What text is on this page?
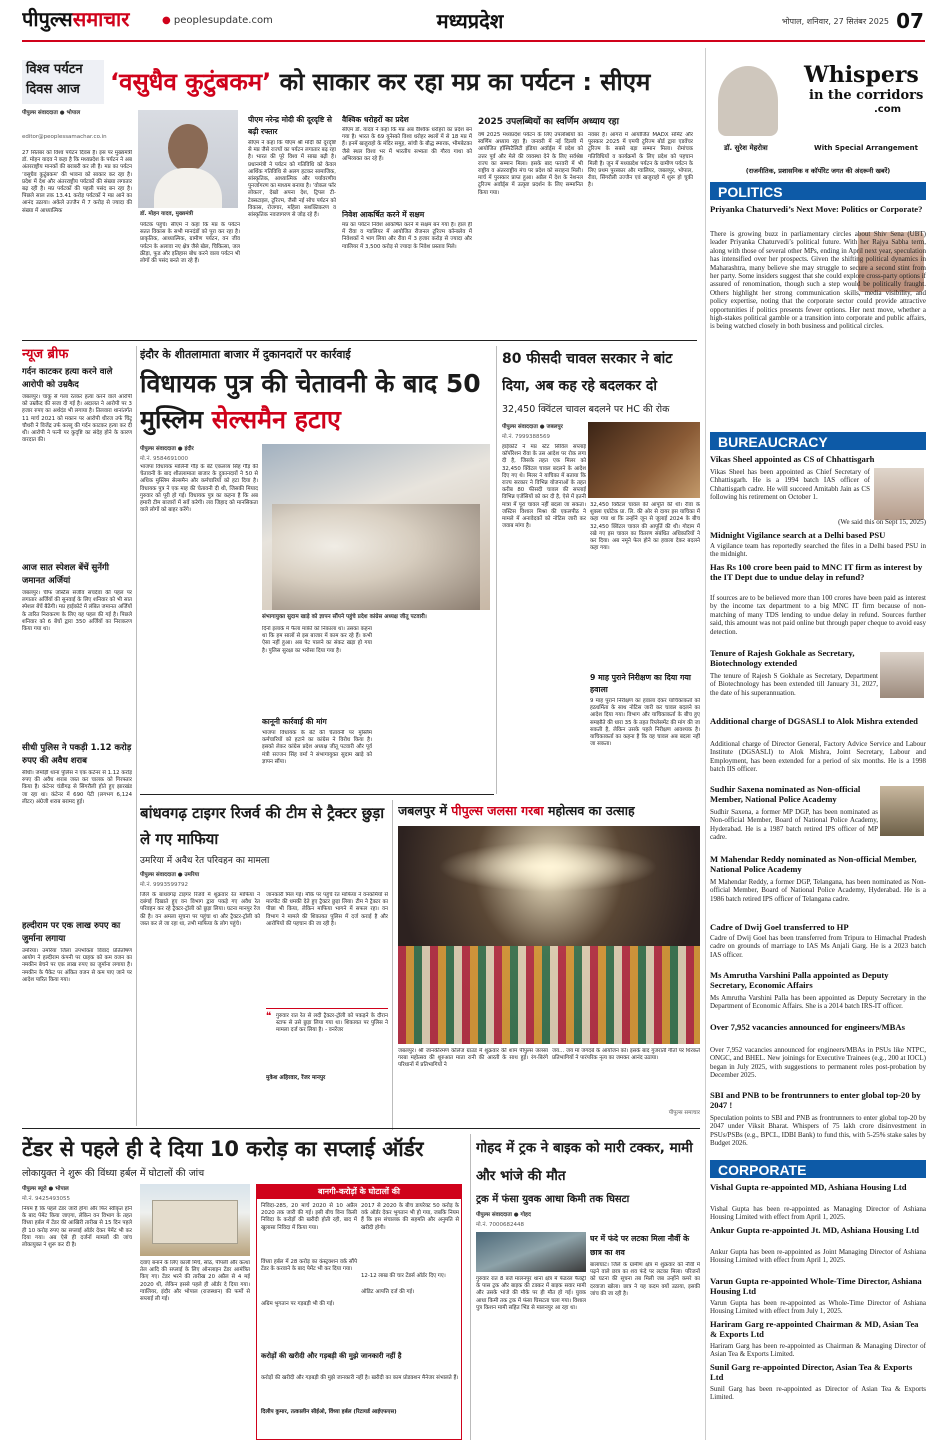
पीपुल्ससमाचार	● peoplesupdate.com	मध्यप्रदेश	भोपाल, शनिवार, 27 सितंबर 2025 07
विश्व पर्यटन
दिवस आज	‘वसुधैव कुटुंबकम’ को साकार कर रहा मप्र का पर्यटन : सीएम
पीपुल्स संवाददाता ● भोपाल
editor@peoplessamachar.co.in
डॉ. मोहन यादव, मुख्यमंत्री
27 सितंबर को विश्व पर्यटन दिवस है। इस पर मुख्यमंत्री डॉ. मोहन यादव ने कहा है कि मध्यप्रदेश के पर्यटन ने अब अंतरराष्ट्रीय मानकों की बराबरी कर ली है। मप्र का पर्यटन ‘वसुधैव कुटुंबकम’ की भावना को साकार कर रहा है। प्रदेश में देश और अंतरराष्ट्रीय पर्यटकों की संख्या लगातार बढ़ रही है। मप्र पर्यटकों की पहली पसंद बन रहा है। पिछले साल तक 13.41 करोड़ पर्यटकों ने मप्र आने का आनंद उठाया। अकेले उज्जैन में 7 करोड़ से ज्यादा की संख्या में आध्यात्मिक
पर्यटक पहुंचे। सीएम ने कहा कि मप्र के पर्यटन सतत विकास के सभी मानदंडों को पूरा कर रहा है। प्राकृतिक, आध्यात्मिक, ग्रामीण पर्यटन, वन जीव पर्यटन के अलावा नए क्षेत्र जैसे खेल, चिकित्सा, जल क्रीड़ा, फूड और इतिहास बोध करने वाला पर्यटन भी लोगों की पसंद बनते जा रहे हैं।
पीएम नरेन्द्र मोदी की दूरदृष्टि से बढ़ी रफ्तार
सीएम ने कहा कि पीएम श्री मोदी की दूरदृष्टि से मप्र जैसे राज्यों का पर्यटन लगातार बढ़ रहा है। भारत की पूरे विश्व में साख बढ़ी है। प्रधानमंत्री ने पर्यटन को गतिविधि को केवल आर्थिक गतिविधि से अलग हटकर सामाजिक, सांस्कृतिक, आध्यात्मिक और पर्यावरणीय पुनर्जागरण का माध्यम बनाया है। ‘वोकल फॉर लोकल’, देखो अपना देश, ट्रिपल टी-टेक्सटाइल, टूरिज्म, जैसी नई सोच पर्यटन को विकास, रोजगार, महिला सशक्तिकरण व सांस्कृतिक नवजागरण से जोड़ रहे हैं।
वैश्विक धरोहरों का प्रदेश
सीएम डॉ. यादव ने कहा कि मप्र अब वैश्विक धरोहरों का प्रदेश बन गया है। भारत के 69 यूनेस्को विश्व धरोहर स्थलों में से 18 मप्र में हैं। इनमें खजुराहो के मंदिर समूह, सांची के बौद्ध स्मारक, भीमबेटका जैसे स्थल विश्व भर में भारतीय सभ्यता की गौरव गाथा को अभिव्यक्त कर रहे हैं।
निवेश आकर्षित करने में सक्षम
मप्र का पर्यटन निवेश आकर्षित करने में सक्षम बन गया है। हाल ही में रीवा व ग्वालियर में आयोजित रीजनल टूरिज्म कॉन्क्लेव में निवेशकों ने भाग लिया और रीवा में 3 हजार करोड़ से ज्यादा और ग्वालियर में 3,500 करोड़ से ज्यादा के निवेश प्रस्ताव मिले।
2025 उपलब्धियों का स्वर्णिम अध्याय रहा
वर्ष 2025 मध्यप्रदेश पर्यटन के लिए उपलब्धियों का स्वर्णिम अध्याय रहा है। जनवरी में नई दिल्ली में आयोजित हॉस्पिटैलिटी इंडिया अवॉर्ड्स में प्रदेश को उत्तर पूर्व और मेले की व्यवस्था देने के लिए सर्वश्रेष्ठ राज्य का सम्मान मिला। इसके बाद फरवरी में भी राष्ट्रीय व अंतरराष्ट्रीय मंच पर प्रदेश को सराहना मिली। मार्च में पुरस्कार प्राप्त हुआ। अप्रैल में देश के नेशनल टूरिज्म अवॉर्ड्स में उत्कृष्ट प्रदर्शन के लिए सम्मानित किया गया।
नवंबर है। आगरा में आयोजित MADX समिट और पुरस्कार 2025 में एमपी टूरिज्म बोर्ड द्वारा एडवेंचर टूरिज्म के सबसे बड़ा सम्मान मिला। रोमांचक गतिविधियों व कार्यक्रमों के लिए प्रदेश को पहचान मिली है। जून में मध्यप्रदेश पर्यटन के ग्रामीण पर्यटन के लिए प्रथम पुरस्कार और ग्वालियर, जबलपुर, भोपाल, रीवा, सिंगरौली उज्जैन एवं खजुराहो में शुरू हो चुकी है।
Whispers
in the corridors
.com
डॉ. सुरेश मेहरोत्रा	With Special Arrangement
(राजनीतिक, प्रशासनिक व कॉर्पोरेट जगत की अंदरूनी खबरें)
POLITICS
Priyanka Chaturvedi’s Next Move: Politics or Corporate?
There is growing buzz in parliamentary circles about Shiv Sena (UBT) leader Priyanka Chaturvedi’s political future. With her Rajya Sabha term, along with those of several other MPs, ending in April next year, speculation has intensified over her prospects. Given the shifting political dynamics in Maharashtra, many believe she may struggle to secure a second stint from her party. Some insiders suggest that she could explore cross-party options if assured of renomination, though such a step would be politically fraught. Others highlight her strong communication skills, media visibility, and policy expertise, noting that the corporate sector could provide attractive opportunities if politics presents fewer options. Her next move, whether a high-stakes political gamble or a transition into corporate and public affairs, is being watched closely in both business and political circles.
BUREAUCRACY
Vikas Sheel appointed as CS of Chhattisgarh
Vikas Sheel has been appointed as Chief Secretary of Chhattisgarh. He is a 1994 batch IAS officer of Chhattisgarh cadre. He will succeed Amitabh Jain as CS following his retirement on October 1.
(We said this on Sept 15, 2025)
Midnight Vigilance search at a Delhi based PSU
A vigilance team has reportedly searched the files in a Delhi based PSU in the midnight.
Has Rs 100 crore been paid to MNC IT firm as interest by the IT Dept due to undue delay in refund?
If sources are to be believed more than 100 crores have been paid as interest by the income tax department to a big MNC IT firm because of non-matching of many TDS lending to undue delay in refund. Sources further said, this amount was not paid online but through paper cheque to avoid easy detection.
Tenure of Rajesh Gokhale as Secretary, Biotechnology extended
The tenure of Rajesh S Gokhale as Secretary, Department of Biotechnology has been extended till January 31, 2027, the date of his superannuation.
Additional charge of DGSASLI to Alok Mishra extended
Additional charge of Director General, Factory Advice Service and Labour Institute (DGSASLI) to Alok Mishra, Joint Secretary, Labour and Employment, has been extended for a period of six months. He is a 1998 batch IIS officer.
Sudhir Saxena nominated as Non-official Member, National Police Academy
Sudhir Saxena, a former MP DGP, has been nominated as Non-official Member, Board of National Police Academy, Hyderabad. He is a 1987 batch retired IPS officer of MP cadre.
M Mahendar Reddy nominated as Non-official Member, National Police Academy
M Mahendar Reddy, a former DGP, Telangana, has been nominated as Non-official Member, Board of National Police Academy, Hyderabad. He is a 1986 batch retired IPS officer of Telangana cadre.
Cadre of Dwij Goel transferred to HP
Cadre of Dwij Goel has been transferred from Tripura to Himachal Pradesh cadre on grounds of marriage to IAS Ms Anjali Garg. He is a 2023 batch IAS officer.
Ms Amrutha Varshini Palla appointed as Deputy Secretary, Economic Affairs
Ms Amrutha Varshini Palla has been appointed as Deputy Secretary in the Department of Economic Affairs. She is a 2014 batch IRS-IT officer.
Over 7,952 vacancies announced for engineers/MBAs
Over 7,952 vacancies announced for engineers/MBAs in PSUs like NTPC, ONGC, and BHEL. New joinings for Executive Trainees (e.g., 200 at IOCL) began in July 2025, with suggestions to permanent roles post-probation by December 2025.
SBI and PNB to be frontrunners to enter global top-20 by 2047 !
Speculation points to SBI and PNB as frontrunners to enter global top-20 by 2047 under Viksit Bharat. Whispers of 75 lakh crore disinvestment in PSUs/PSBs (e.g., BPCL, IDBI Bank) to fund this, with 5-25% stake sales by Budget 2026.
CORPORATE
Vishal Gupta re-appointed MD, Ashiana Housing Ltd
Vishal Gupta has been re-appointed as Managing Director of Ashiana Housing Limited with effect from April 1, 2025.
Ankur Gupta re-appointed Jt. MD, Ashiana Housing Ltd
Ankur Gupta has been re-appointed as Joint Managing Director of Ashiana Housing Limited with effect from April 1, 2025.
Varun Gupta re-appointed Whole-Time Director, Ashiana Housing Ltd
Varun Gupta has been re-appointed as Whole-Time Director of Ashiana Housing Limited with effect from July 1, 2025.
Hariram Garg re-appointed Chairman & MD, Asian Tea & Exports Ltd
Hariram Garg has been re-appointed as Chairman & Managing Director of Asian Tea & Exports Limited.
Sunil Garg re-appointed Director, Asian Tea & Exports Ltd
Sunil Garg has been re-appointed as Director of Asian Tea & Exports Limited.
न्यूज ब्रीफ
गर्दन काटकर हत्या करने वाले आरोपी को उम्रकैद
जबलपुर। चाकू से गला रेतकर हत्या करने वाले आरोपी को उम्रकैद की सजा दी गई है। अदालत ने आरोपी पर 3 हजार रुपए का अर्थदंड भी लगाया है। तिलवारा थानांतर्गत 11 मार्च 2021 को मकान पर आरोपी धीरज उर्फ चिंटू चौधरी ने विजेंद्र उर्फ कल्लू की गर्दन काटकर हत्या कर दी थी। आरोपी ने पत्नी पर कुदृष्टि का संदेह होने के कारण वारदात की।
आज सात स्पेशल बेंचें सुनेंगी जमानत अर्जियां
जबलपुर। चीफ जस्टिस संजीव सचदेवा की पहल पर लगातार अर्जियों की सुनवाई के लिए शनिवार को भी सात स्पेशल बेंचें बैठेंगी। मप्र हाईकोर्ट में लंबित जमानत अर्जियों के त्वरित निराकरण के लिए यह पहल की गई है। पिछले शनिवार को 6 बेंचों द्वारा 350 अर्जियों का निराकरण किया गया था।
सीधी पुलिस ने पकड़ी 1.12 करोड़ रुपए की अवैध शराब
सीधी। जमोड़ी थाना पुलिस ने एक कंटेनर से 1.12 करोड़ रुपए की अवैध शराब जब्त कर चालक को गिरफ्तार किया है। कंटेनर चंडीगढ़ से सिंगरौली होते हुए झारखंड जा रहा था। कंटेनर में 690 पेटी (लगभग 6,124 लीटर) अंग्रेजी शराब बरामद हुई।
हल्दीराम पर एक लाख रुपए का जुर्माना लगाया
उमरिया। उमरिया जिला उपभोक्ता विवाद प्रतितोषण आयोग ने हल्दीराम कंपनी पर ग्राहक को कम वजन का नमकीन बेचने पर एक लाख रुपए का जुर्माना लगाया है। नमकीन के पैकेट पर अंकित वजन से कम पाए जाने पर आदेश पारित किया गया।
इंदौर के शीतलामाता बाजार में दुकानदारों पर कार्रवाई
विधायक पुत्र की चेतावनी के बाद 50 मुस्लिम सेल्समैन हटाए
पीपुल्स संवाददाता ● इंदौर
मो.नं. 9584691000
भाजपा विधायक मालिनी गौड़ के बेटे एकलव्य सिंह गौड़ की चेतावनी के बाद शीतलामाता बाजार के दुकानदारों ने 50 से अधिक मुस्लिम सेल्समैन और कर्मचारियों को हटा दिया है। विधायक पुत्र ने एक माह की चेतावनी दी थी, जिसकी मियाद गुरुवार को पूरी हो गई। विधायक पुत्र का कहना है कि अब हमारी टीम बाजारों में सर्वे करेगी। लव जिहाद को मानसिकता वाले लोगों को बाहर करेंगे।
संभागायुक्त सुदाम खाड़े को ज्ञापन सौंपने पहुंचे प्रदेश कांग्रेस अध्यक्ष जीतू पटवारी।
दिनों इलाके में फैला माफ़ी को निकाला था। उसका कहना था कि हम सालों से इस बाजार में काम कर रहे हैं। कभी ऐसा नहीं हुआ। अब पेट पालने का संकट खड़ा हो गया है। पुलिस सुरक्षा का भरोसा दिया गया है।
कानूनी कार्रवाई की मांग
भाजपा विधायक के बेटे की चेतावनी पर मुस्लिम कर्मचारियों को हटाने का कांग्रेस ने विरोध किया है। इसको लेकर कांग्रेस प्रदेश अध्यक्ष जीतू पटवारी और पूर्व मंत्री सज्जन सिंह वर्मा ने संभागायुक्त सुदाम खाड़े को ज्ञापन सौंपा।
80 फीसदी चावल सरकार ने बांट दिया, अब कह रहे बदलकर दो
32,450 क्विंटल चावल बदलने पर HC की रोक
पीपुल्स संवाददाता ● जबलपुर
मो.नं. 7999388569
हाईकोर्ट ने मप्र स्टेट सिविल सप्लाई कॉर्पोरेशन रीवा के उस आदेश पर रोक लगा दी है, जिसके तहत एक मिलर को 32,450 क्विंटल चावल बदलने के आदेश दिए गए थे। मिलर ने याचिका में बताया कि राज्य सरकार ने विभिन्न योजनाओं के तहत करीब 80 फीसदी चावल की सप्लाई विभिन्न एजेंसियों को कर दी है, ऐसे में इतनी मात्रा में पूरा चावल नहीं बदला जा सकता। जस्टिस विशाल मिश्रा की एकलपीठ ने मामले में अनावेदकों को नोटिस जारी कर जवाब मांगा है।
32,450 क्विंटल चावल की आपूर्ति की थी। रीवा के शुक्ला एग्रोटेक प्रा. लि. की ओर से दायर इस याचिका में कहा गया था कि उन्होंने जून से जुलाई 2024 के बीच 32,450 क्विंटल चावल की आपूर्ति की थी। गोदाम में रखे गए इस चावल का वितरण संबंधित अधिकारियों ने कर दिया। अब नमूने फेल होने का हवाला देकर बदलने कहा गया।
9 माह पुराने निरीक्षण का दिया गया हवाला
9 माह पुराने निरीक्षण का हवाला देकर याचिकाकर्ता को हठधर्मिता के साथ नोटिस जारी कर चावल बदलने का आदेश दिया गया। विभाग और याचिकाकर्ता के बीच हुए समझौते की धारा 35 के तहत रिप्लेसमेंट की मांग की जा सकती है, लेकिन उसके पहले निरीक्षण आवश्यक है। याचिकाकर्ता का कहना है कि वह चावल अब बदला नहीं जा सकता।
बांधवगढ़ टाइगर रिजर्व की टीम से ट्रैक्टर छुड़ा ले गए माफिया
उमरिया में अवैध रेत परिवहन का मामला
पीपुल्स संवाददाता ● उमरिया
मो.नं. 9993599792
जिले के बांधवगढ़ टाइगर रिजर्व में शुक्रवार रेत माफिया ने दबंगई दिखाते हुए वन विभाग द्वारा पकड़े गए अवैध रेत परिवहन कर रहे ट्रैक्टर-ट्रॉली को छुड़ा लिया। घटना मानपुर रेंज की है। वन अमला सूचना पर पहुंचा था और ट्रैक्टर-ट्रॉली को जब्त कर ले जा रहा था, तभी माफिया के लोग पहुंचे।
जानकारी मिल गई। मौके पर पहुंचे रेत माफिया ने वनकर्मियों से मारपीट की धमकी देते हुए ट्रैक्टर छुड़ा लिया। टीम ने ट्रैक्टर का पीछा भी किया, लेकिन माफिया भागने में सफल रहा। वन विभाग ने मामले की शिकायत पुलिस में दर्ज कराई है और आरोपियों की पहचान की जा रही है।
❝ गुरुवार रात रेत से लदी ट्रैक्टर-ट्रॉली को पकड़ने के दौरान स्टाफ से उसे छुड़ा लिया गया था। शिकायत पर पुलिस ने मामला दर्ज कर लिया है। - वनरेंजर
मुकेश अहिरवार, रेंजर मानपुर
जबलपुर में पीपुल्स जलसा गरबा महोत्सव का उत्साह
जबलपुर। श्री जानकीरमण कॉलेज ग्राउंड में शुक्रवार की शाम पीपुल्स जलसा गरबा महोत्सव की शुरुआत माता रानी की आरती के साथ हुई। रंग-बिरंगे परिधानों में प्रतिभागियों ने
जय... जय मां जगदंबे के आयोजन को। इसके बाद गुजराती गीतों पर थिरकते प्रतिभागियों ने पारंपरिक नृत्य का जमकर आनंद उठाया।
पीपुल्स समाचार
टेंडर से पहले ही दे दिया 10 करोड़ का सप्लाई ऑर्डर
लोकायुक्त ने शुरू की विंध्या हर्बल में घोटालों की जांच
पीपुल्स ब्यूरो ● भोपाल
मो.नं. 9425493055
नियम है कि पहले टेंडर जारी होगा और फिर स्वीकृत होने के बाद पेमेंट किया जाएगा, लेकिन वन विभाग के तहत विंध्या हर्बल में टेंडर की आखिरी तारीख से 15 दिन पहले ही 10 करोड़ रुपए का सप्लाई ऑर्डर देकर पेमेंट भी कर दिया गया। अब ऐसे ही दर्जनों मामलों की जांच लोकायुक्त ने शुरू कर दी है।
दवाएं बनाने के लिए काली मिर्च, सोंठ, पीपली और कत्था तेल आदि की सप्लाई के लिए ऑनलाइन टेंडर आमंत्रित किए गए। टेंडर भरने की तारीख 20 अप्रैल से 4 मई 2020 थी, लेकिन इससे पहले ही ऑर्डर दे दिया गया। ग्वालियर, इंदौर और भोपाल (राजस्थान) की फर्मों से सप्लाई ली गई।
बानगी-करोड़ों के घोटालों की
निविदा-285, 20 मार्च 2020 से 10 अप्रैल 2020 तक जारी की गई। इसी बीच विना किसी निविदा के करोड़ों की खरीदी होती रही, बाद में खुलासा निविदा में किया गया।
विंध्या हर्बल में 28 करोड़ का कंस्ट्रक्शन वर्क सौंपे टेंडर के करवाने के बाद पेमेंट भी कर दिया गया।
अग्रिम भुगतान पर गड़बड़ी भी की गई।
2017 से 2020 के बीच डायरेक्ट 50 करोड़ के वर्क ऑर्डर देकर भुगतान भी हो गया, जबकि नियम हैं कि इस संचालक की सहमति और अनुमति से खरीदी होगी।
12-12 लाख की चार टेंडर्स ऑर्डर दिए गए।
ऑडिट आपत्ति दर्ज की गई।
करोड़ों की खरीदी और गड़बड़ी की मुझे जानकारी नहीं है
करोड़ों की खरीदी और गड़बड़ी की मुझे जानकारी नहीं है। खरीदी का काम प्रोडक्शन मैनेजर संभालते हैं।
दिलीप कुमार, तत्कालीन सीईओ, विंध्या हर्बल (रिटायर्ड आईएफएस)
गोहद में ट्रक ने बाइक को मारी टक्कर, मामी और भांजे की मौत
ट्रक में फंसा युवक आधा किमी तक घिसटा
पीपुल्स संवाददाता ● गोहद
मो.नं. 7000682448
गुरुवार रात 8 बजे मालनपुर थाना क्षेत्र में फेडरल फैक्ट्री के पास ट्रक और बाइक की टक्कर में बाइक सवार मामी और उसके भांजे की मौके पर ही मौत हो गई। युवक आधा किमी तक ट्रक में फंसा घिसटता चला गया। विशाल पुत्र किशन मामी सहित भिंड से मालनपुर आ रहा था।
घर में फंदे पर लटका मिला नौवीं के छात्र का शव
बालाघाट। जिले के ग्रामीण क्षेत्र में शुक्रवार को नौवीं में पढ़ने वाले छात्र का शव फंदे पर लटका मिला। परिजनों को घटना की सूचना तब मिली जब उन्होंने कमरे का दरवाजा खोला। छात्र ने यह कदम क्यों उठाया, इसकी जांच की जा रही है।
